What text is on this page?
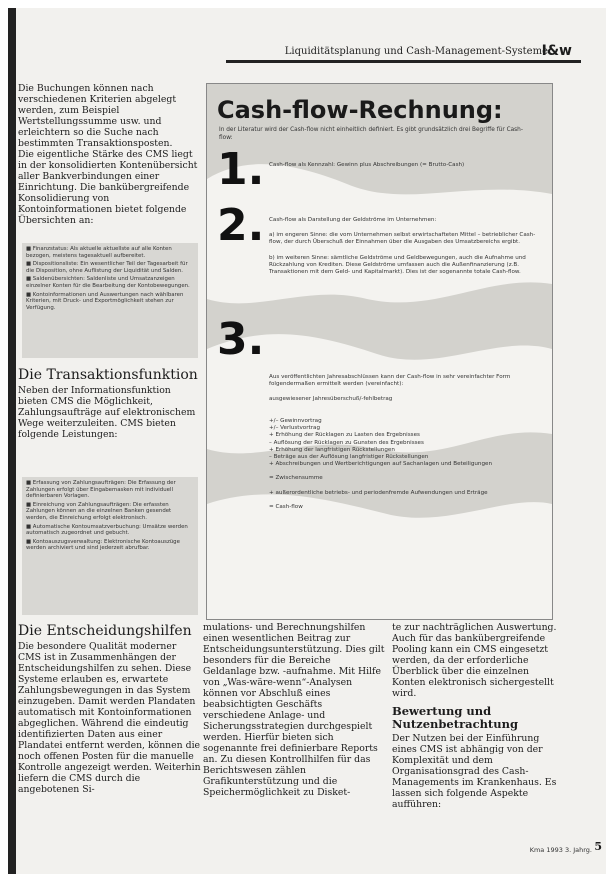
Liquiditätsplanung und Cash-Management-Systeme
I&w

Die Buchungen können nach verschiedenen Kriterien abgelegt werden, zum Beispiel Wertstellungssumme usw. und erleichtern so die Suche nach bestimmten Transaktionsposten.

Die eigentliche Stärke des CMS liegt in der konsolidierten Kontenübersicht aller Bankverbindungen einer Einrichtung. Die bankübergreifende Konsolidierung von Kontoinformationen bietet folgende Übersichten an:

■ Finanzstatus: Als aktuelle aktuellste auf alle Konten bezogen, meistens tagesaktuell aufbereitet.

■ Dispositionsliste: Ein wesentlicher Teil der Tagesarbeit für die Disposition, ohne Auflistung der Liquidität und Salden.

■ Saldenübersichten: Saldenliste und Umsatzanzeigen einzelner Konten für die Bearbeitung der Kontobewegungen.

■ Kontoinformationen und Auswertungen nach wählbaren Kriterien, mit Druck- und Exportmöglichkeit stehen zur Verfügung.

Die Transaktionsfunktion

Neben der Informationsfunktion bieten CMS die Möglichkeit, Zahlungsaufträge auf elektronischem Wege weiterzuleiten. CMS bieten folgende Leistungen:

■ Erfassung von Zahlungsaufträgen: Die Erfassung der Zahlungen erfolgt über Eingabemasken mit individuell definierbaren Vorlagen.

■ Einreichung von Zahlungsaufträgen: Die erfassten Zahlungen können an die einzelnen Banken gesendet werden, die Einreichung erfolgt elektronisch.

■ Automatische Kontoumsatzverbuchung: Umsätze werden automatisch zugeordnet und gebucht.

■ Kontoauszugsverwaltung: Elektronische Kontoauszüge werden archiviert und sind jederzeit abrufbar.

Die Entscheidungshilfen

Die besondere Qualität moderner CMS ist in Zusammenhängen der Entscheidungshilfen zu sehen. Diese Systeme erlauben es, erwartete Zahlungsbewegungen in das System einzugeben. Damit werden Plandaten automatisch mit Kontoinformationen abgeglichen. Während die eindeutig identifizierten Daten aus einer Plandatei entfernt werden, können die noch offenen Posten für die manuelle Kontrolle angezeigt werden. Weiterhin liefern die CMS durch die angebotenen Si-

mulations- und Berechnungshilfen einen wesentlichen Beitrag zur Entscheidungsunterstützung. Dies gilt besonders für die Bereiche Geldanlage bzw. -aufnahme. Mit Hilfe von „Was-wäre-wenn“-Analysen können vor Abschluß eines beabsichtigten Geschäfts verschiedene Anlage- und Sicherungsstrategien durchgespielt werden. Hierfür bieten sich sogenannte frei definierbare Reports an. Zu diesen Kontrollhilfen für das Berichtswesen zählen Grafikunterstützung und die Speichermöglichkeit zu Disket-

te zur nachträglichen Auswertung. Auch für das bankübergreifende Pooling kann ein CMS eingesetzt werden, da der erforderliche Überblick über die einzelnen Konten elektronisch sichergestellt wird.

Bewertung und Nutzenbetrachtung

Der Nutzen bei der Einführung eines CMS ist abhängig von der Komplexität und dem Organisationsgrad des Cash-Managements im Krankenhaus. Es lassen sich folgende Aspekte aufführen:

Cash-flow-Rechnung:
In der Literatur wird der Cash-flow nicht einheitlich definiert. Es gibt grundsätzlich drei Begriffe für Cash-flow:
1. Cash-flow als Kennzahl: Gewinn plus Abschreibungen (= Brutto-Cash)
2. Cash-flow als Darstellung der Geldströme im Unternehmen:

a) im engeren Sinne: die vom Unternehmen selbst erwirtschafteten Mittel – betrieblicher Cash-flow, der durch Überschuß der Einnahmen über die Ausgaben des Umsatzbereichs ergibt.

b) im weiteren Sinne: sämtliche Geldströme und Geldbewegungen, auch die Aufnahme und Rückzahlung von Krediten. Diese Geldströme umfassen auch die Außenfinanzierung (z.B. Transaktionen mit dem Geld- und Kapitalmarkt). Dies ist der sogenannte totale Cash-flow.

3.

Aus veröffentlichten Jahresabschlüssen kann der Cash-flow in sehr vereinfachter Form folgendermaßen ermittelt werden (vereinfacht):

ausgewiesener Jahresüberschuß/-fehlbetrag

+/– Gewinnvortrag
+/– Verlustvortrag
+ Erhöhung der Rücklagen zu Lasten des Ergebnisses
– Auflösung der Rücklagen zu Gunsten des Ergebnisses
+ Erhöhung der langfristigen Rückstellungen
– Beträge aus der Auflösung langfristiger Rückstellungen
+ Abschreibungen und Wertberichtigungen auf Sachanlagen und Beteiligungen
= Zwischensumme
+ außerordentliche betriebs- und periodenfremde Aufwendungen und Erträge
= Cash-flow
Kma 1993 3. Jahrg. 5
